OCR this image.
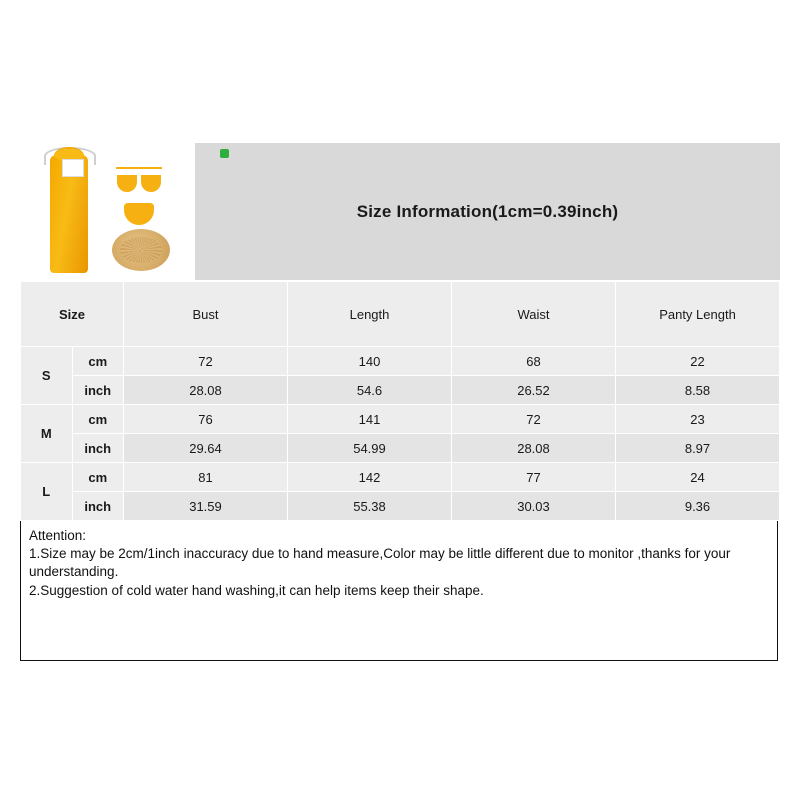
Size Information(1cm=0.39inch)
Size		Bust	Length	Waist	Panty Length
S	cm	72	140	68	22
	inch	28.08	54.6	26.52	8.58
M	cm	76	141	72	23
	inch	29.64	54.99	28.08	8.97
L	cm	81	142	77	24
	inch	31.59	55.38	30.03	9.36

Attention:

1.Size may be 2cm/1inch inaccuracy due to hand measure,Color may be little different due to monitor ,thanks for your understanding.

2.Suggestion of cold water hand washing,it can help items keep their shape.
